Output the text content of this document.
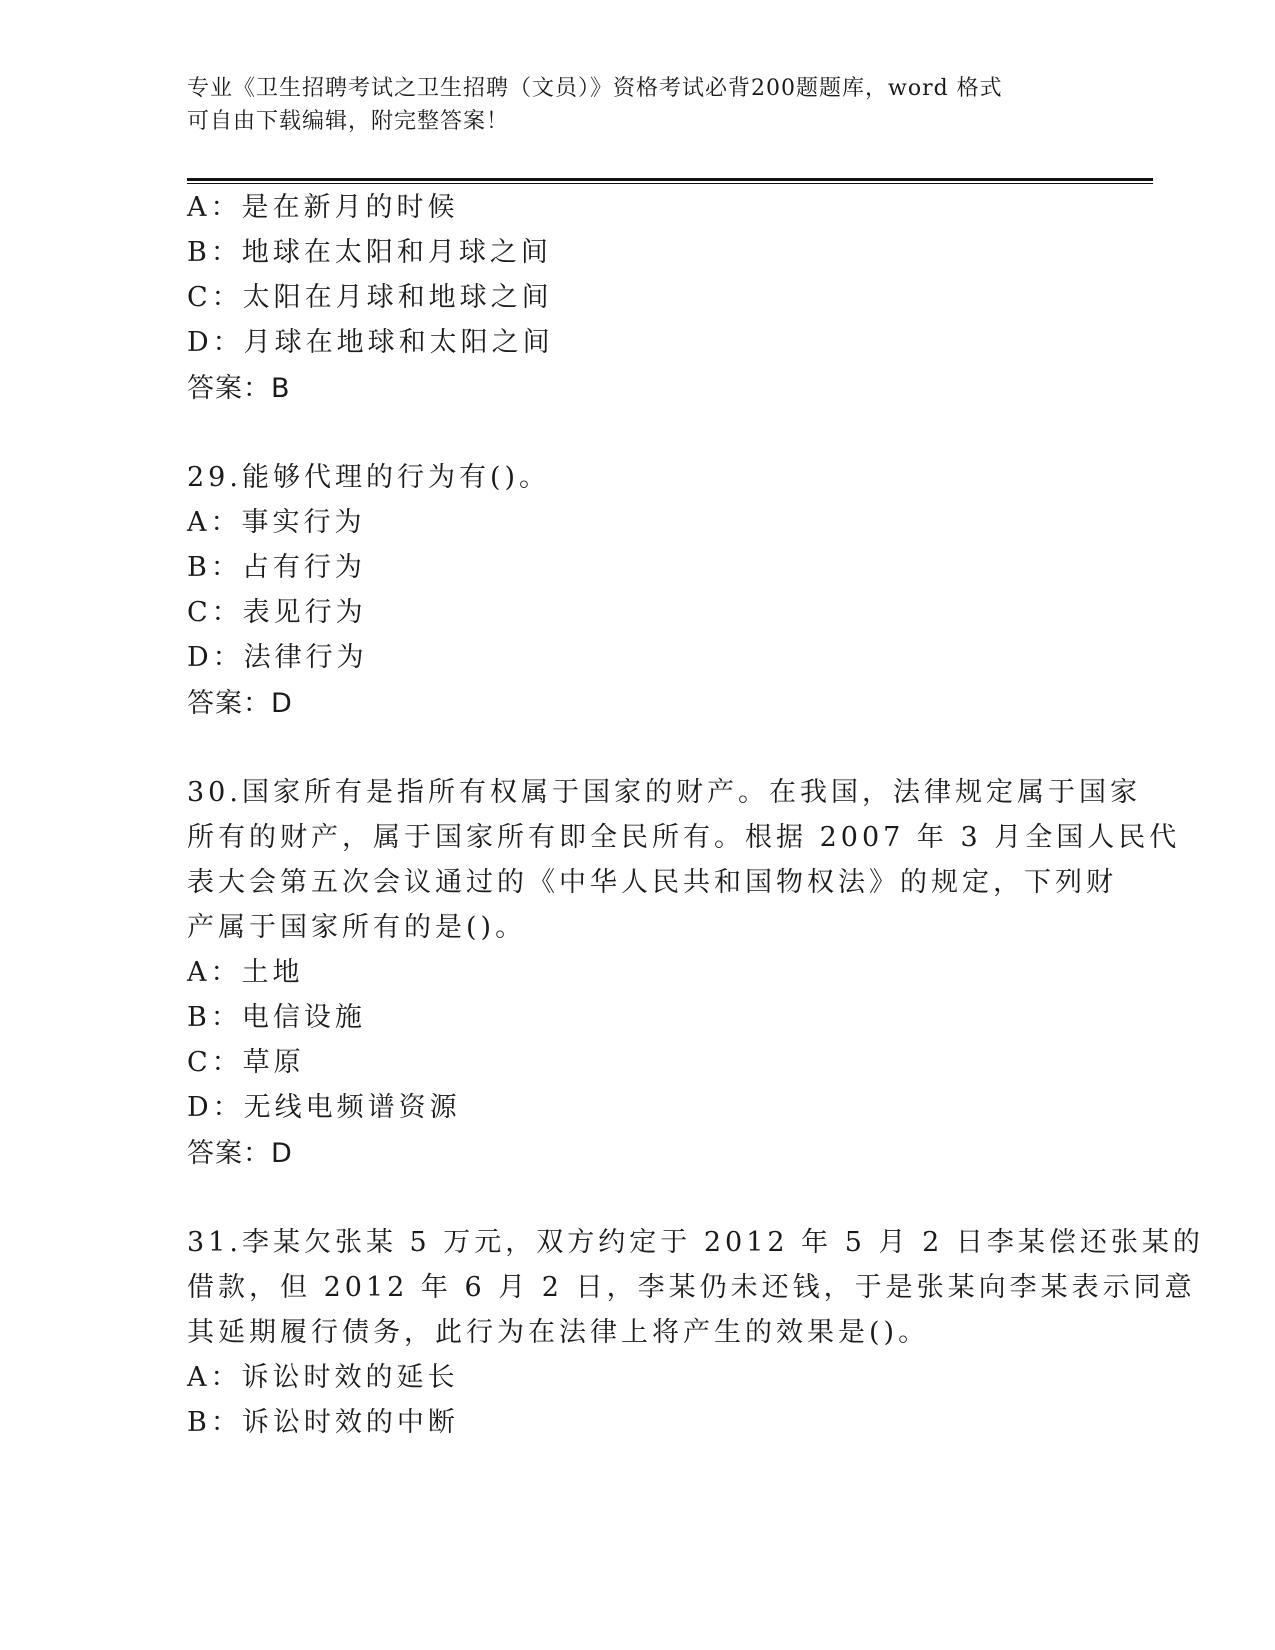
专业《卫生招聘考试之卫生招聘（文员）》资格考试必背200题题库，word 格式
可自由下载编辑，附完整答案！
A：是在新月的时候
B：地球在太阳和月球之间
C：太阳在月球和地球之间
D：月球在地球和太阳之间
答案：B
29.能够代理的行为有()。
A：事实行为
B：占有行为
C：表见行为
D：法律行为
答案：D
30.国家所有是指所有权属于国家的财产。在我国，法律规定属于国家
所有的财产，属于国家所有即全民所有。根据 2007 年 3 月全国人民代
表大会第五次会议通过的《中华人民共和国物权法》的规定，下列财
产属于国家所有的是()。
A：土地
B：电信设施
C：草原
D：无线电频谱资源
答案：D
31.李某欠张某 5 万元，双方约定于 2012 年 5 月 2 日李某偿还张某的
借款，但 2012 年 6 月 2 日，李某仍未还钱，于是张某向李某表示同意
其延期履行债务，此行为在法律上将产生的效果是()。
A：诉讼时效的延长
B：诉讼时效的中断
